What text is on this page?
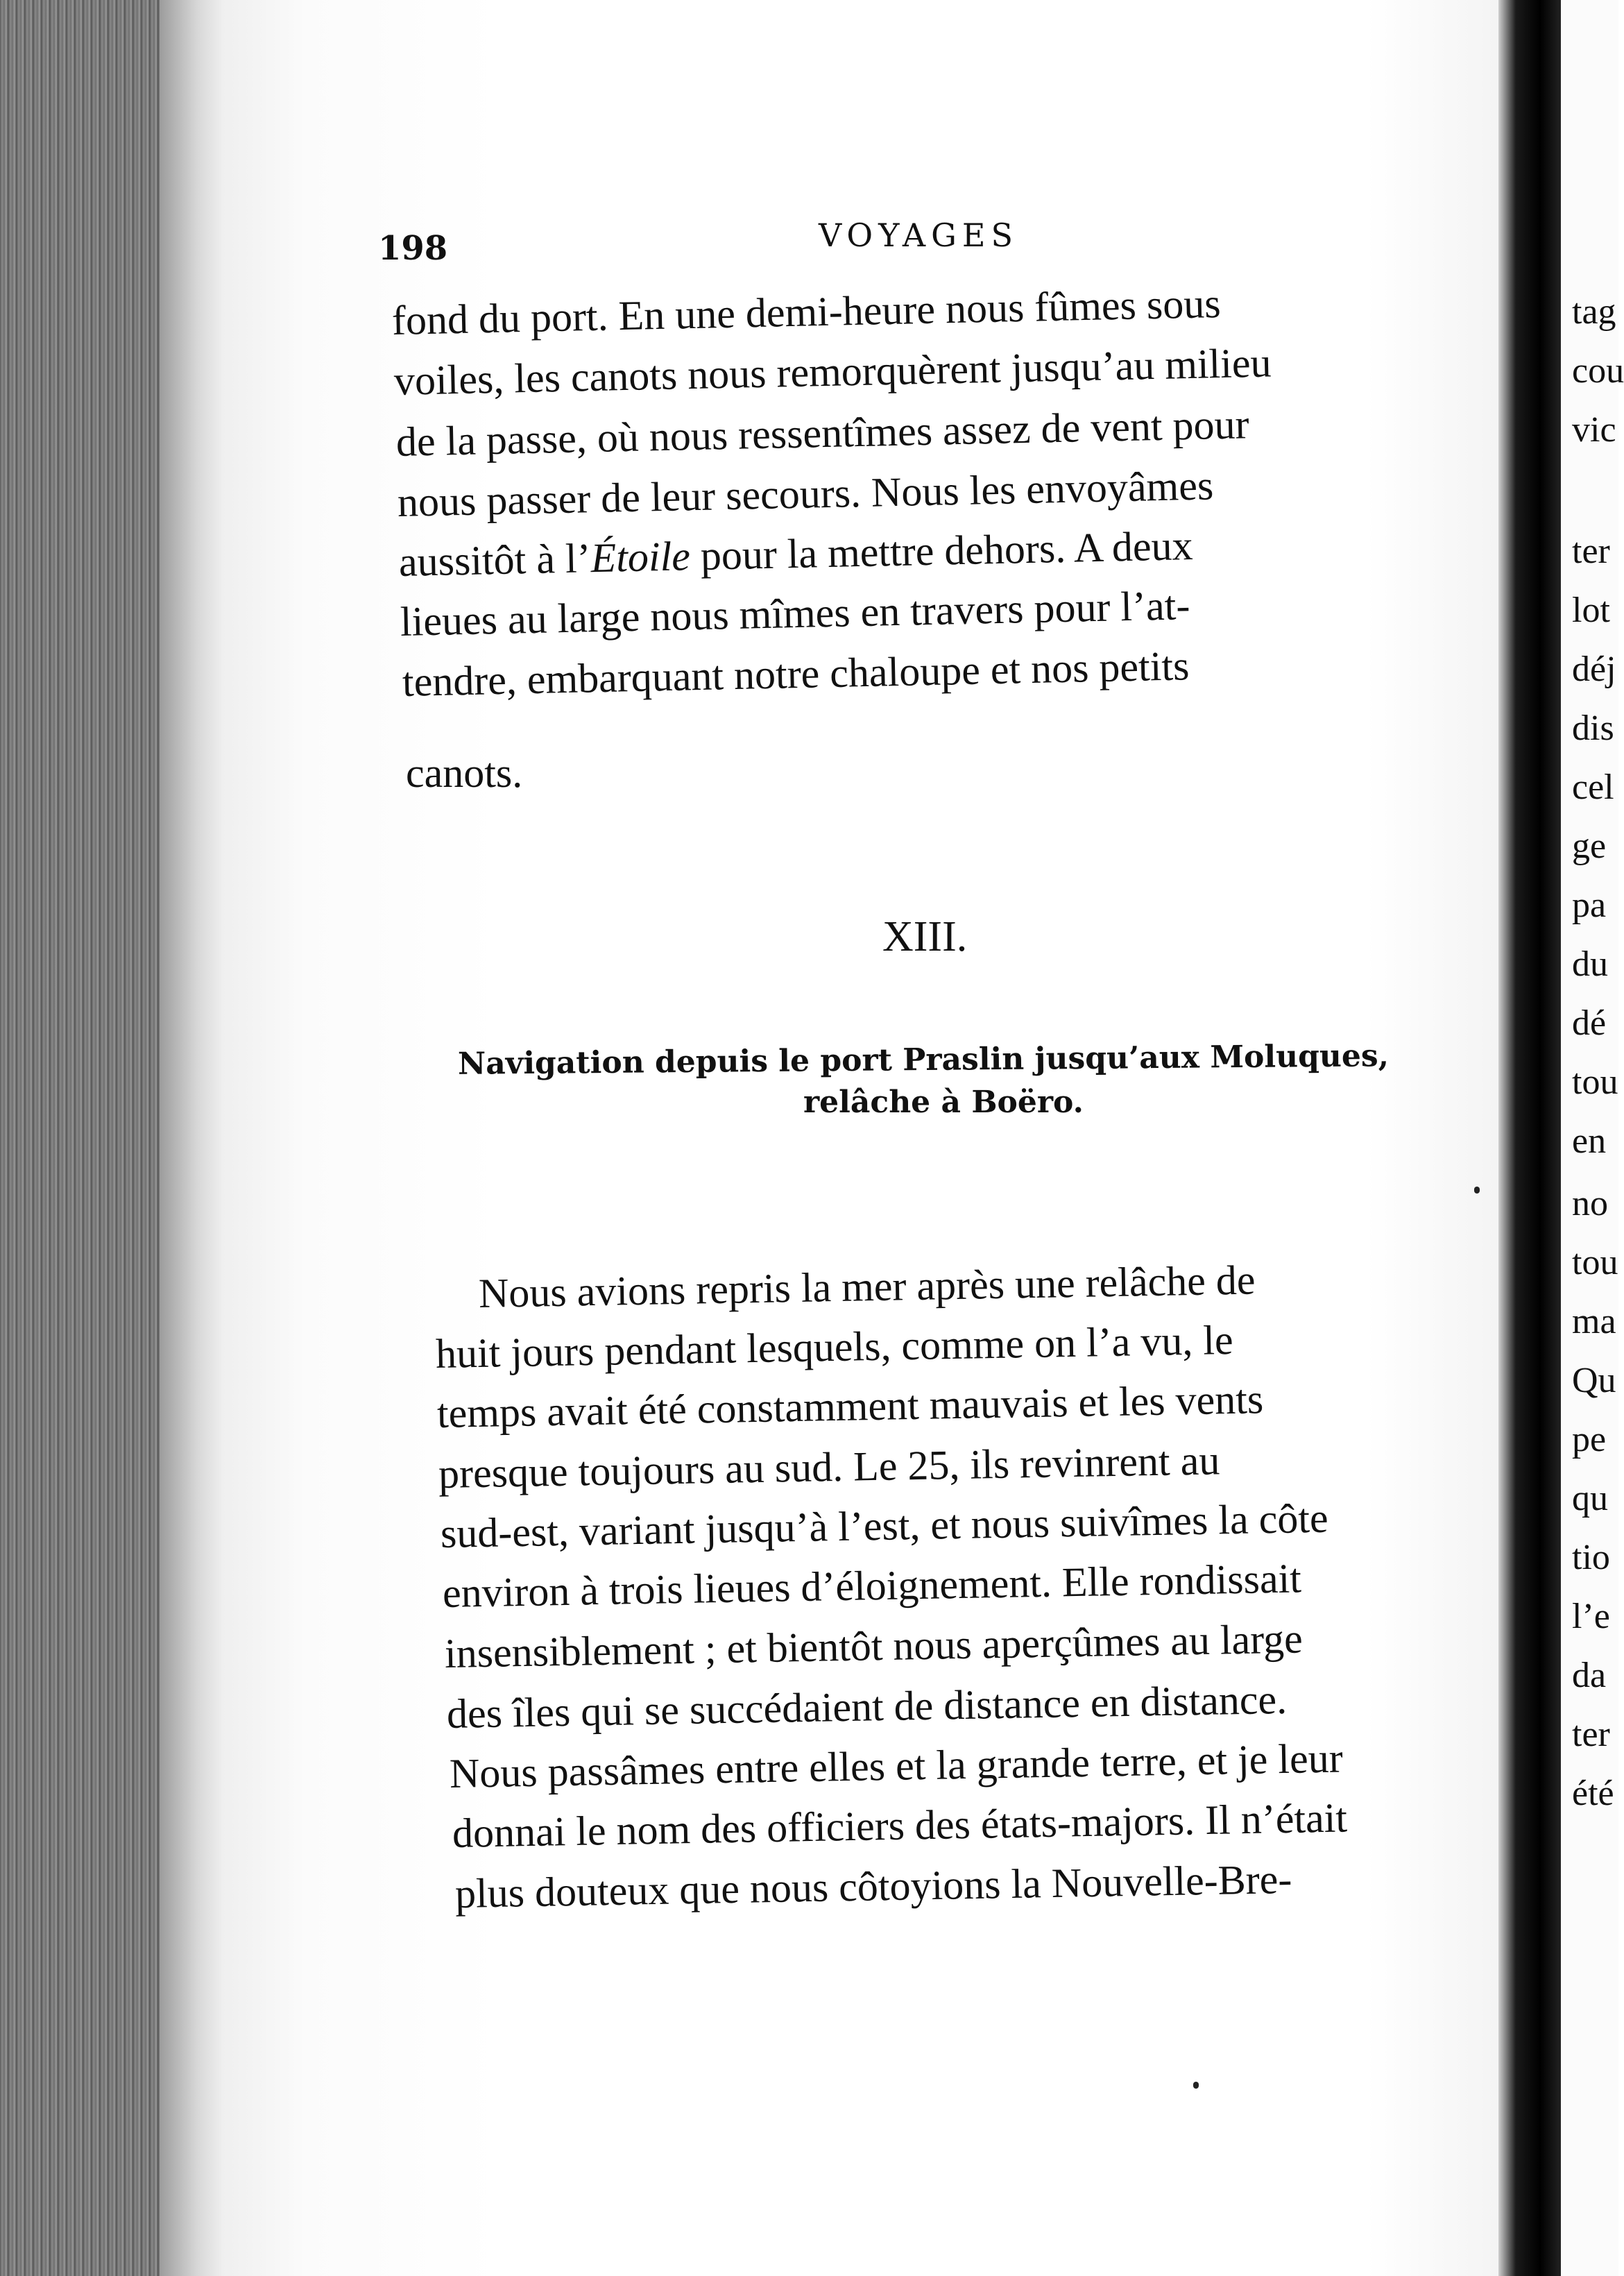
198	VOYAGES
fond du port. En une demi-heure nous fûmes sous
voiles, les canots nous remorquèrent jusqu’au milieu
de la passe, où nous ressentîmes assez de vent pour
nous passer de leur secours. Nous les envoyâmes
aussitôt à l’Étoile pour la mettre dehors. A deux
lieues au large nous mîmes en travers pour l’at-
tendre, embarquant notre chaloupe et nos petits
canots.
XIII.
Navigation depuis le port Praslin jusqu’aux Moluques,
relâche à Boëro.
Nous avions repris la mer après une relâche de
huit jours pendant lesquels, comme on l’a vu, le
temps avait été constamment mauvais et les vents
presque toujours au sud. Le 25, ils revinrent au
sud-est, variant jusqu’à l’est, et nous suivîmes la côte
environ à trois lieues d’éloignement. Elle rondissait
insensiblement ; et bientôt nous aperçûmes au large
des îles qui se succédaient de distance en distance.
Nous passâmes entre elles et la grande terre, et je leur
donnai le nom des officiers des états-majors. Il n’était
plus douteux que nous côtoyions la Nouvelle-Bre-
tag
cou
vic
ter
lot
déj
dis
cel
ge
pa
du
dé
tou
en
no
tou
ma
Qu
pe
qu
tio
l’e
da
ter
été
